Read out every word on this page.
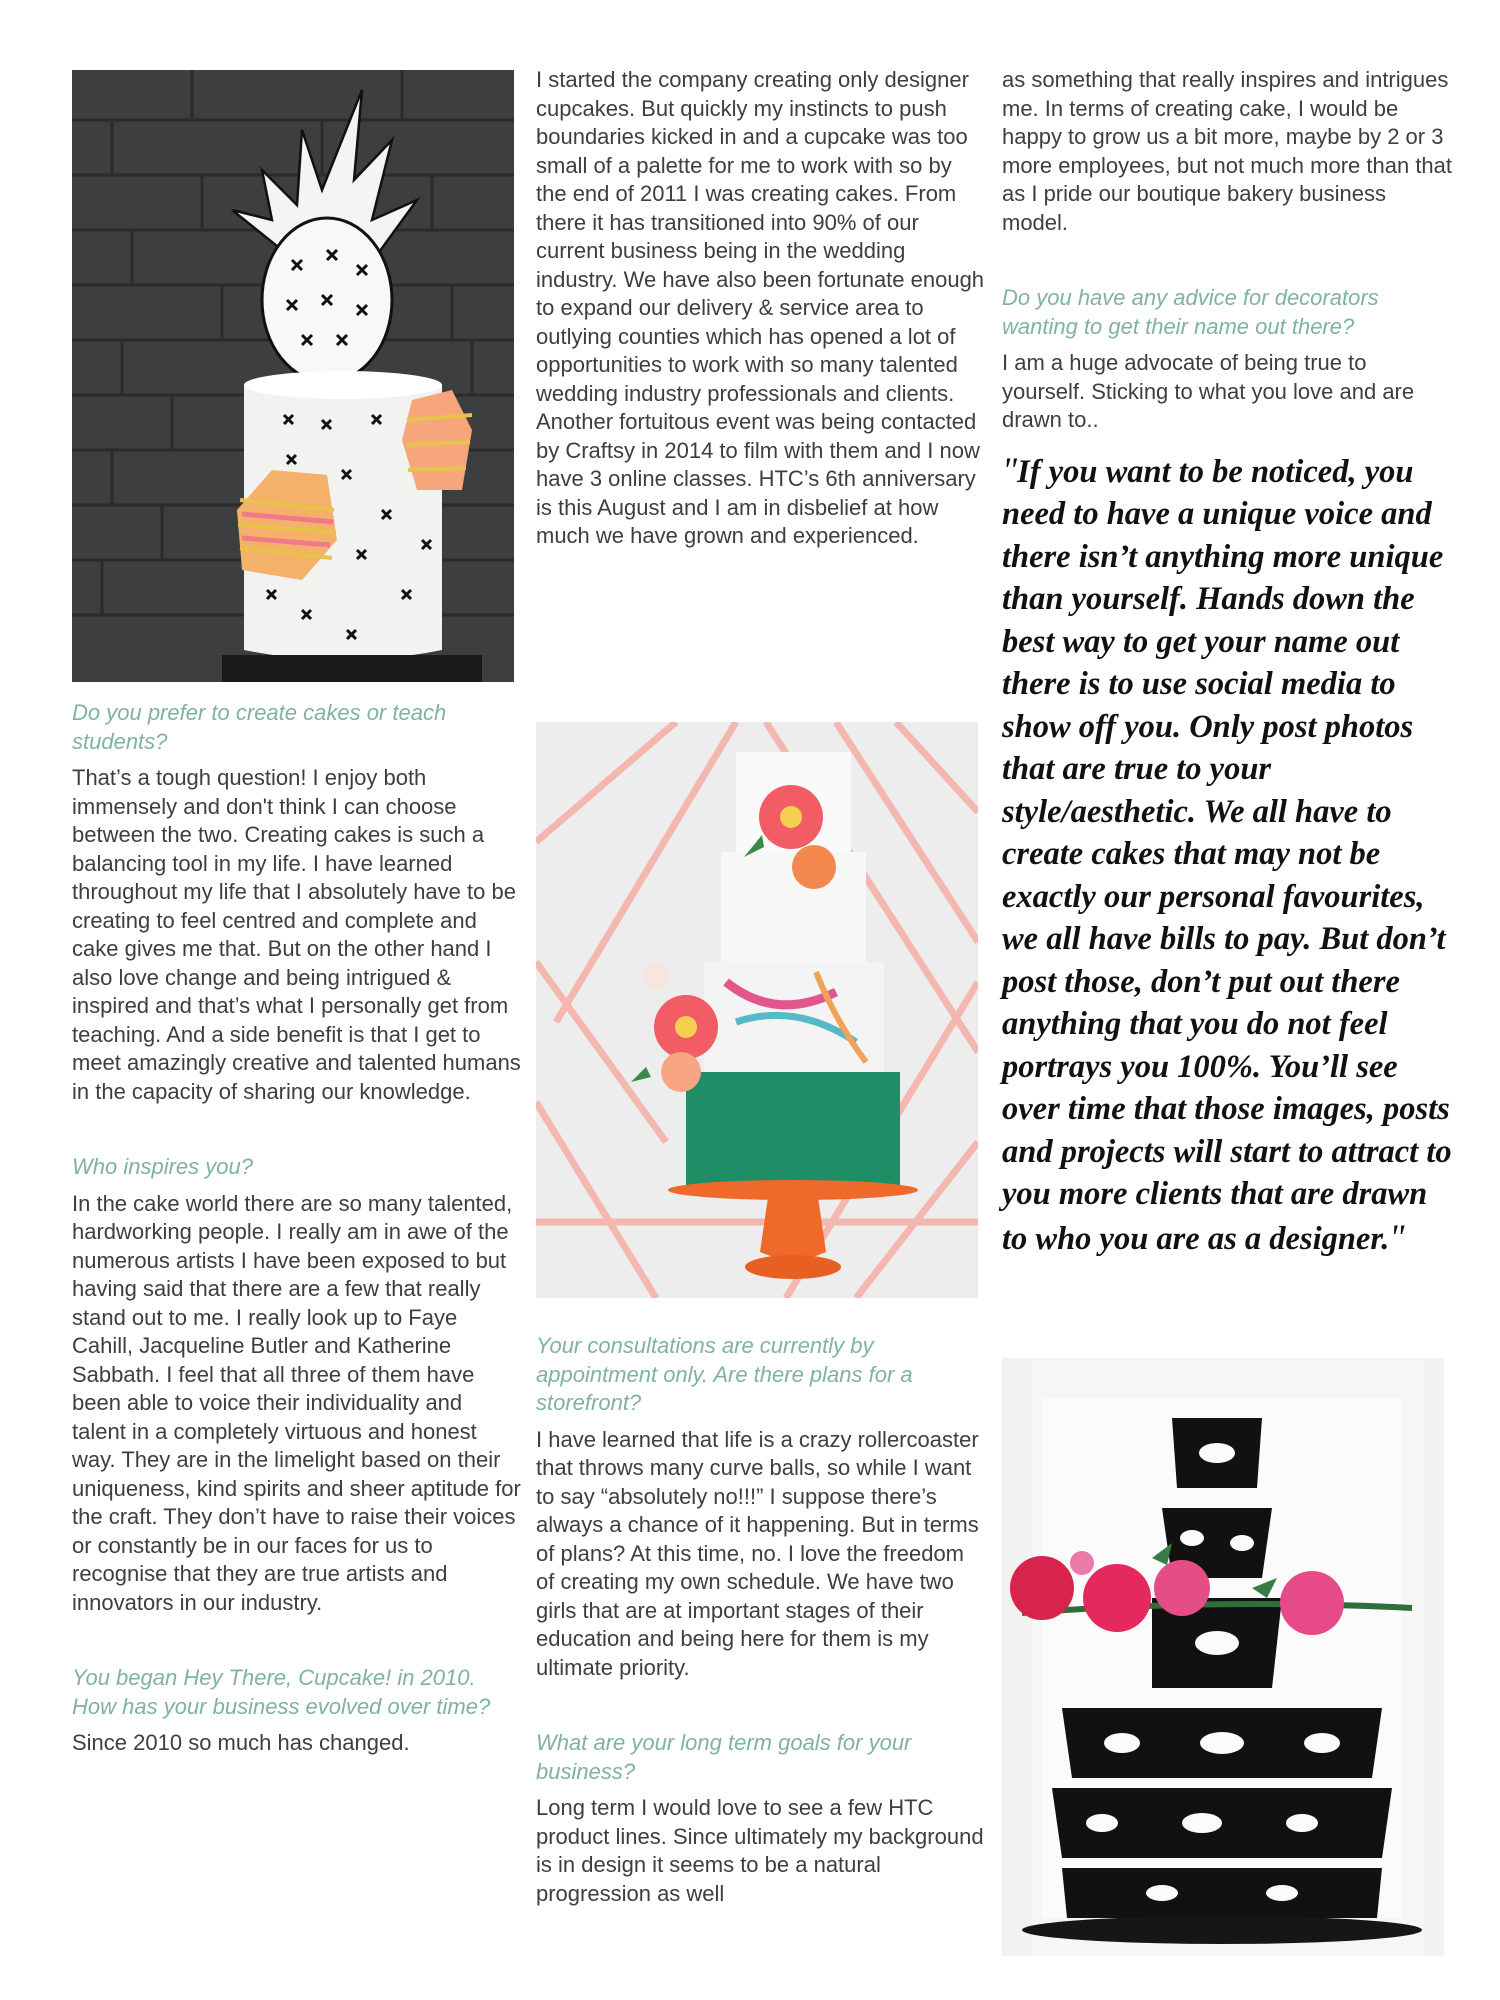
Do you prefer to create cakes or teach students?

That’s a tough question! I enjoy both immensely and don't think I can choose between the two. Creating cakes is such a balancing tool in my life. I have learned throughout my life that I absolutely have to be creating to feel centred and complete and cake gives me that. But on the other hand I also love change and being intrigued & inspired and that’s what I personally get from teaching. And a side benefit is that I get to meet amazingly creative and talented humans in the capacity of sharing our knowledge.

Who inspires you?

In the cake world there are so many talented, hardworking people. I really am in awe of the numerous artists I have been exposed to but having said that there are a few that really stand out to me. I really look up to Faye Cahill, Jacqueline Butler and Katherine Sabbath. I feel that all three of them have been able to voice their individuality and talent in a completely virtuous and honest way. They are in the limelight based on their uniqueness, kind spirits and sheer aptitude for the craft. They don’t have to raise their voices or constantly be in our faces for us to recognise that they are true artists and innovators in our industry.

You began Hey There, Cupcake! in 2010. How has your business evolved over time?

Since 2010 so much has changed.

I started the company creating only designer cupcakes. But quickly my instincts to push boundaries kicked in and a cupcake was too small of a palette for me to work with so by the end of 2011 I was creating cakes. From there it has transitioned into 90% of our current business being in the wedding industry. We have also been fortunate enough to expand our delivery & service area to outlying counties which has opened a lot of opportunities to work with so many talented wedding industry professionals and clients. Another fortuitous event was being contacted by Craftsy in 2014 to film with them and I now have 3 online classes. HTC’s 6th anniversary is this August and I am in disbelief at how much we have grown and experienced.

Your consultations are currently by appointment only. Are there plans for a storefront?

I have learned that life is a crazy rollercoaster that throws many curve balls, so while I want to say “absolutely no!!!” I suppose there’s always a chance of it happening. But in terms of plans? At this time, no. I love the freedom of creating my own schedule. We have two girls that are at important stages of their education and being here for them is my ultimate priority.

What are your long term goals for your business?

Long term I would love to see a few HTC product lines. Since ultimately my background is in design it seems to be a natural progression as well

as something that really inspires and intrigues me. In terms of creating cake, I would be happy to grow us a bit more, maybe by 2 or 3 more employees, but not much more than that as I pride our boutique bakery business model.

Do you have any advice for decorators wanting to get their name out there?

I am a huge advocate of being true to yourself. Sticking to what you love and are drawn to..

"If you want to be noticed, you need to have a unique voice and there isn’t anything more unique than yourself. Hands down the best way to get your name out there is to use social media to show off you. Only post photos that are true to your style/aesthetic. We all have to create cakes that may not be exactly our personal favourites, we all have bills to pay. But don’t post those, don’t put out there anything that you do not feel portrays you 100%. You’ll see over time that those images, posts and projects will start to attract to you more clients that are drawn to who you are as a designer."
